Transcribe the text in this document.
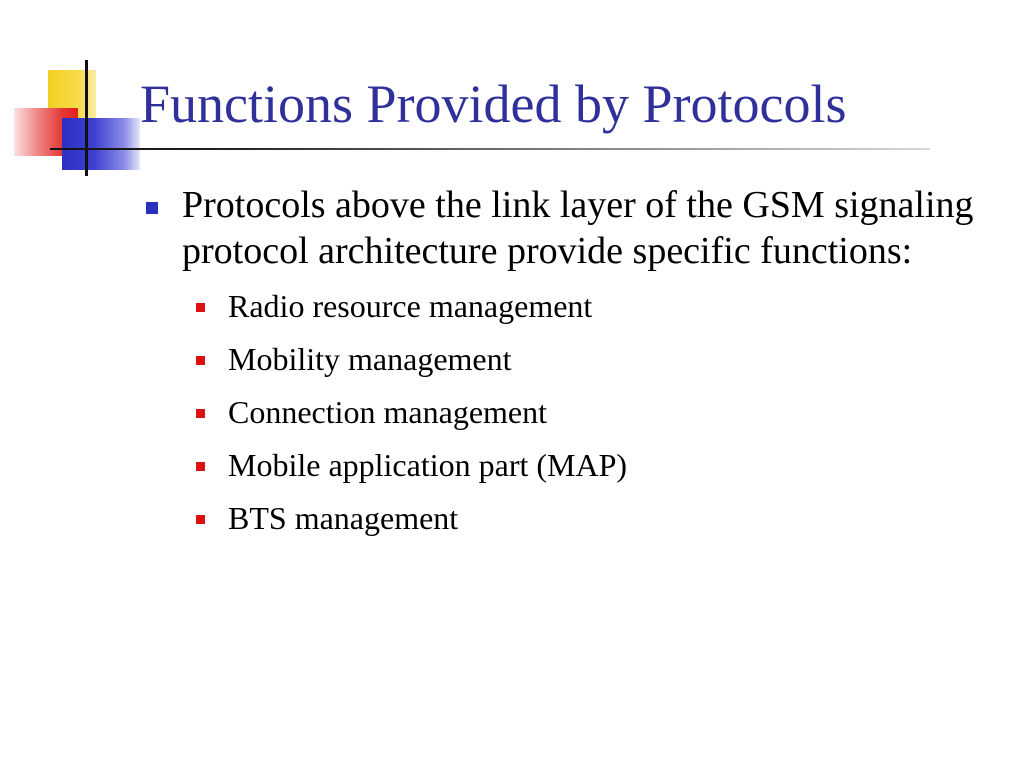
Functions Provided by Protocols
Protocols above the link layer of the GSM signaling protocol architecture provide specific functions:
Radio resource management
Mobility management
Connection management
Mobile application part (MAP)
BTS management
